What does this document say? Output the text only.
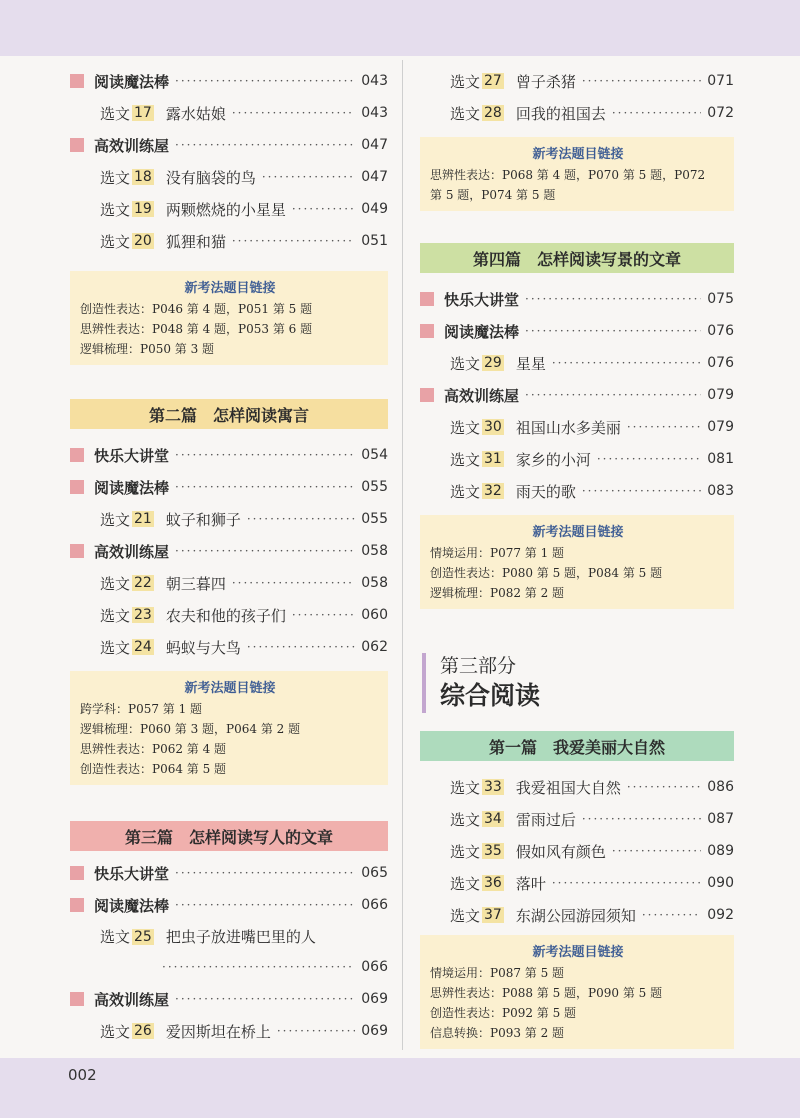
阅读魔法棒 ·····	043
选文 17 露水姑娘 ·····	043
高效训练屋 ·····	047
选文 18 没有脑袋的鸟 ·····	047
选文 19 两颗燃烧的小星星 ·····	049
选文 20 狐狸和猫 ·····	051
新考法题目链接
创造性表达：P046 第 4 题，P051 第 5 题
思辨性表达：P048 第 4 题，P053 第 6 题
逻辑梳理：P050 第 3 题
第二篇　怎样阅读寓言
快乐大讲堂 ·····	054
阅读魔法棒 ·····	055
选文 21 蚊子和狮子 ·····	055
高效训练屋 ·····	058
选文 22 朝三暮四 ·····	058
选文 23 农夫和他的孩子们 ·····	060
选文 24 蚂蚁与大鸟 ·····	062
新考法题目链接
跨学科：P057 第 1 题
逻辑梳理：P060 第 3 题，P064 第 2 题
思辨性表达：P062 第 4 题
创造性表达：P064 第 5 题
第三篇　怎样阅读写人的文章
快乐大讲堂 ·····	065
阅读魔法棒 ·····	066
选文 25 把虫子放进嘴巴里的人
·····
066
高效训练屋 ·····	069
选文 26 爱因斯坦在桥上 ·····	069
选文 27 曾子杀猪 ·····	071
选文 28 回我的祖国去 ·····	072
新考法题目链接
思辨性表达：P068 第 4 题，P070 第 5 题，P072
第 5 题，P074 第 5 题
第四篇　怎样阅读写景的文章
快乐大讲堂 ·····	075
阅读魔法棒 ·····	076
选文 29 星星 ·····	076
高效训练屋 ·····	079
选文 30 祖国山水多美丽 ·····	079
选文 31 家乡的小河 ·····	081
选文 32 雨天的歌 ·····	083
新考法题目链接
情境运用：P077 第 1 题
创造性表达：P080 第 5 题，P084 第 5 题
逻辑梳理：P082 第 2 题
第三部分
综合阅读
第一篇　我爱美丽大自然
选文 33 我爱祖国大自然 ·····	086
选文 34 雷雨过后 ·····	087
选文 35 假如风有颜色 ·····	089
选文 36 落叶 ·····	090
选文 37 东湖公园游园须知 ·····	092
新考法题目链接
情境运用：P087 第 5 题
思辨性表达：P088 第 5 题，P090 第 5 题
创造性表达：P092 第 5 题
信息转换：P093 第 2 题
002
